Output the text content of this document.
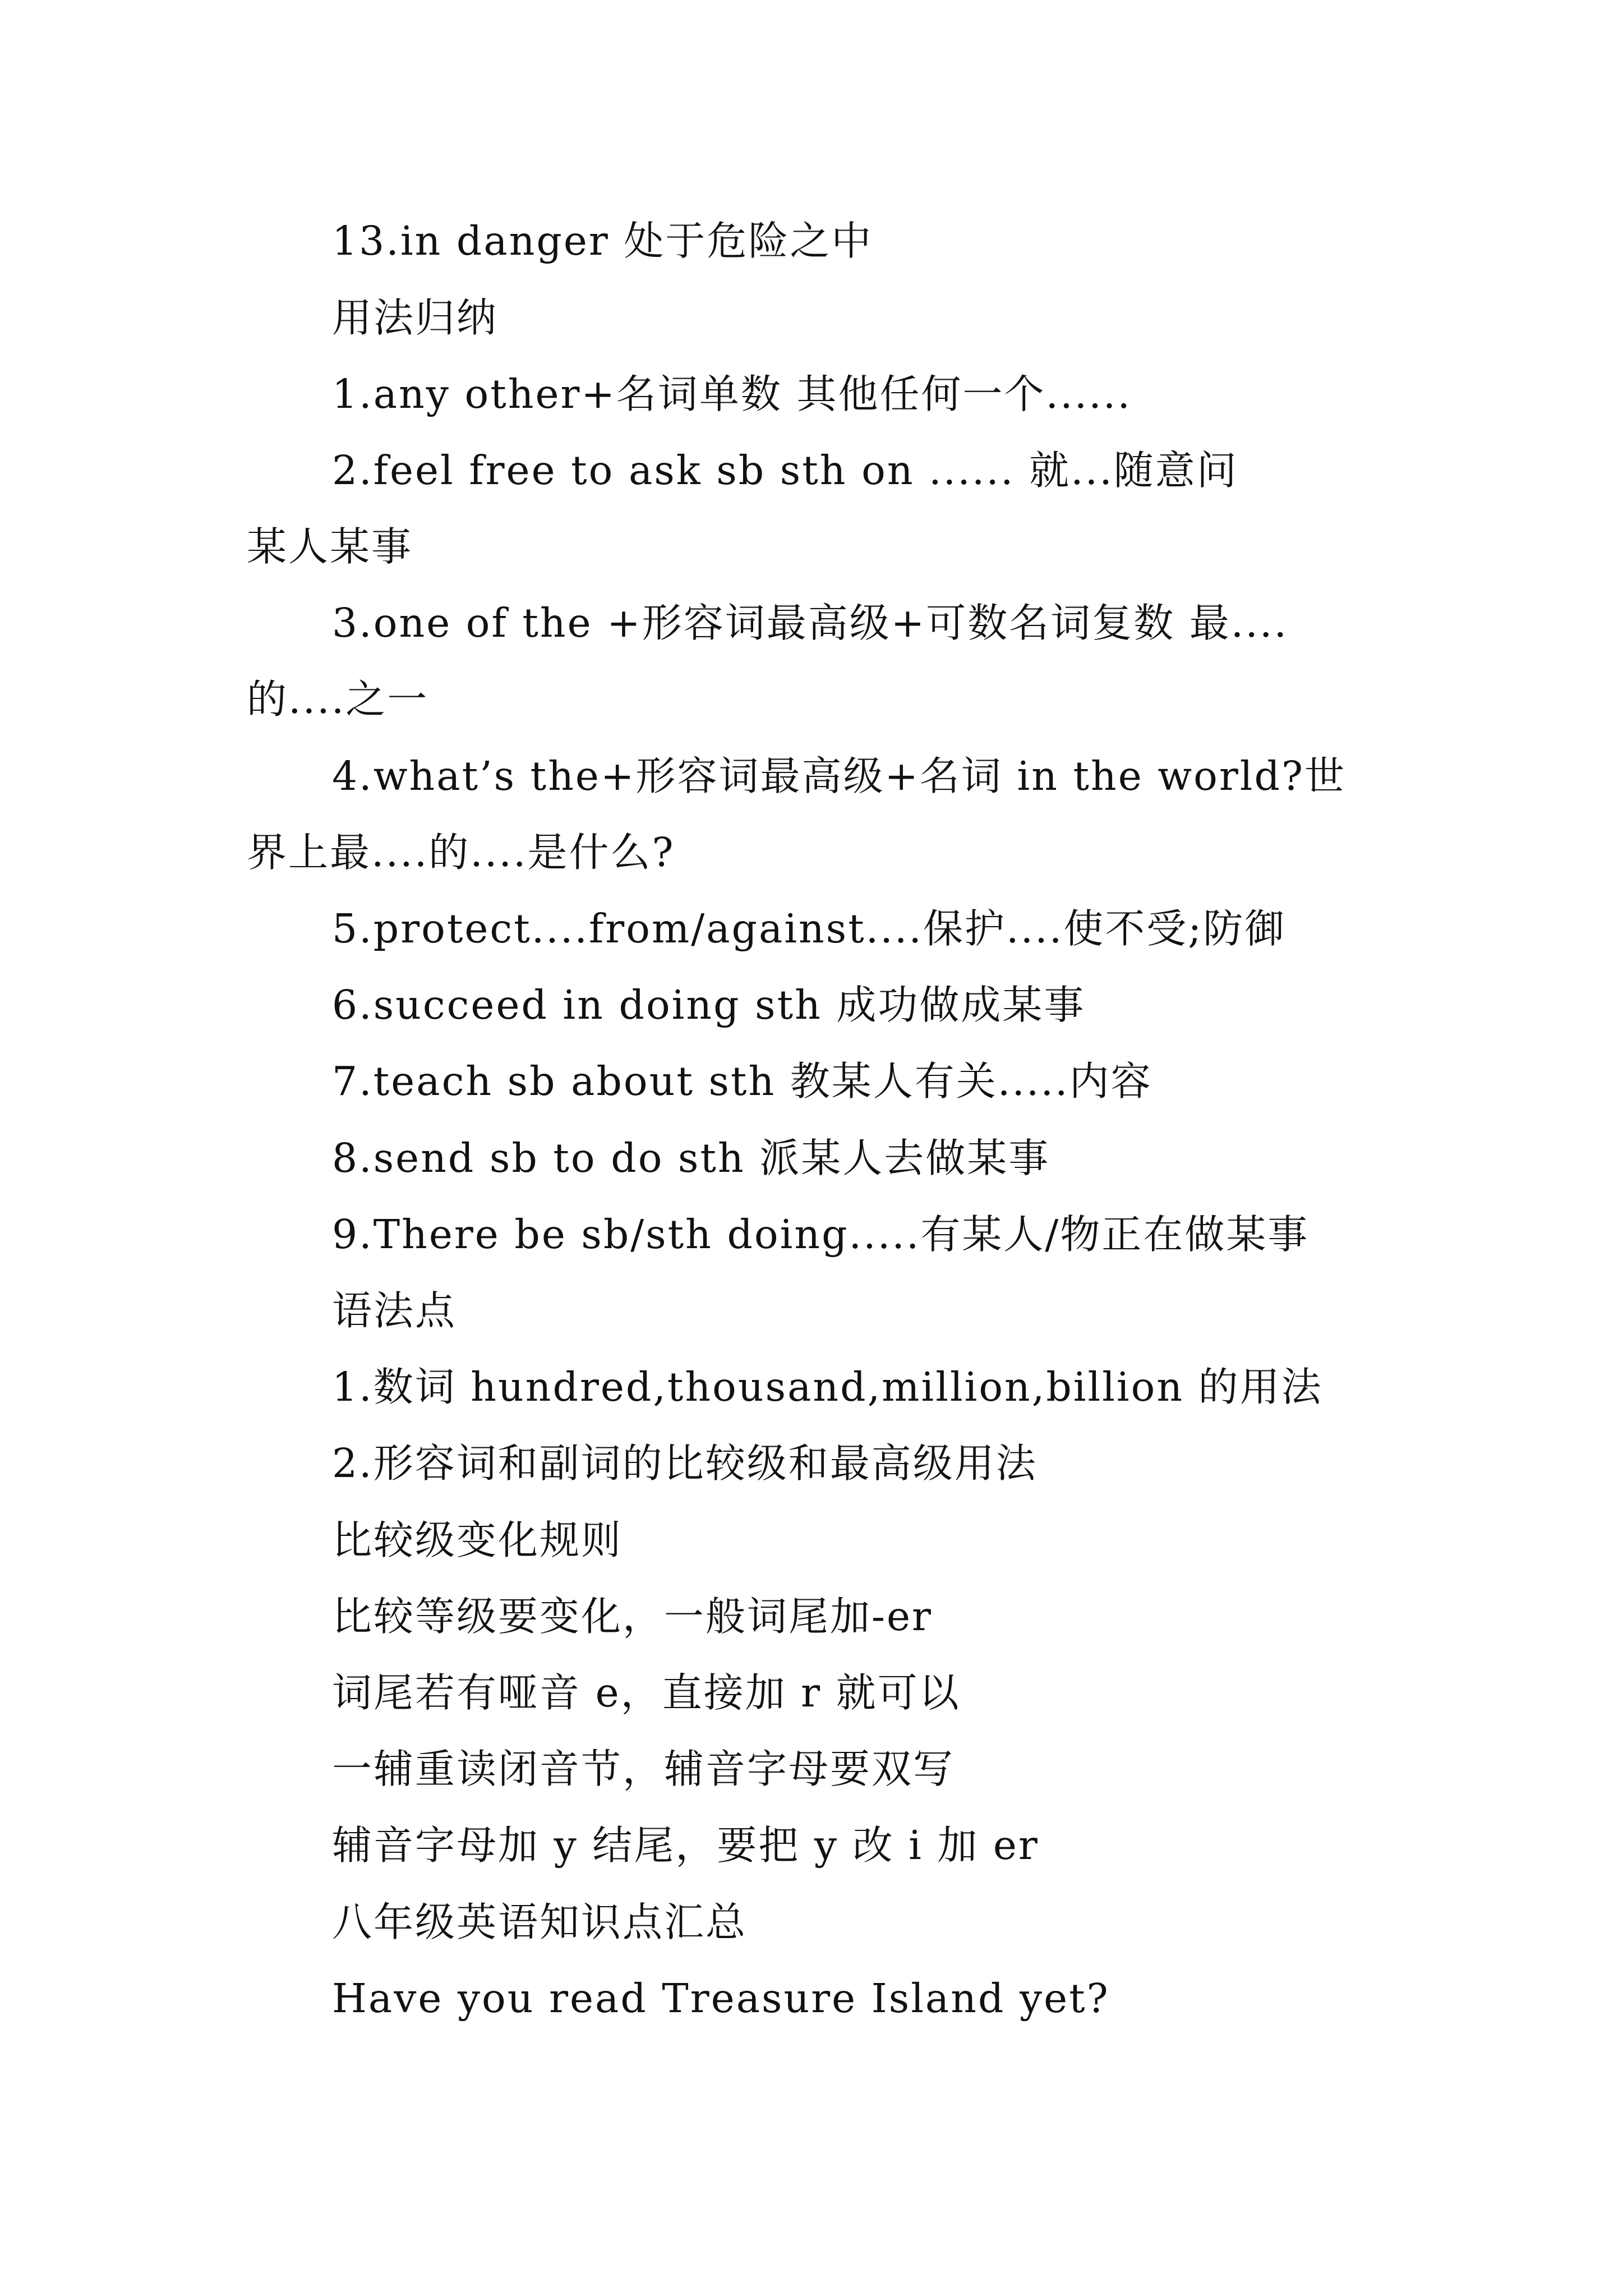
13.in danger 处于危险之中
用法归纳
1.any other+名词单数 其他任何一个......
2.feel free to ask sb sth on ...... 就...随意问
某人某事
3.one of the +形容词最高级+可数名词复数 最....
的....之一
4.what’s the+形容词最高级+名词 in the world?世
界上最....的....是什么?
5.protect....from/against....保护....使不受;防御
6.succeed in doing sth 成功做成某事
7.teach sb about sth 教某人有关.....内容
8.send sb to do sth 派某人去做某事
9.There be sb/sth doing.....有某人/物正在做某事
语法点
1.数词 hundred,thousand,million,billion 的用法
2.形容词和副词的比较级和最高级用法
比较级变化规则
比较等级要变化，一般词尾加-er
词尾若有哑音 e，直接加 r 就可以
一辅重读闭音节，辅音字母要双写
辅音字母加 y 结尾，要把 y 改 i 加 er
八年级英语知识点汇总
Have you read Treasure Island yet?
